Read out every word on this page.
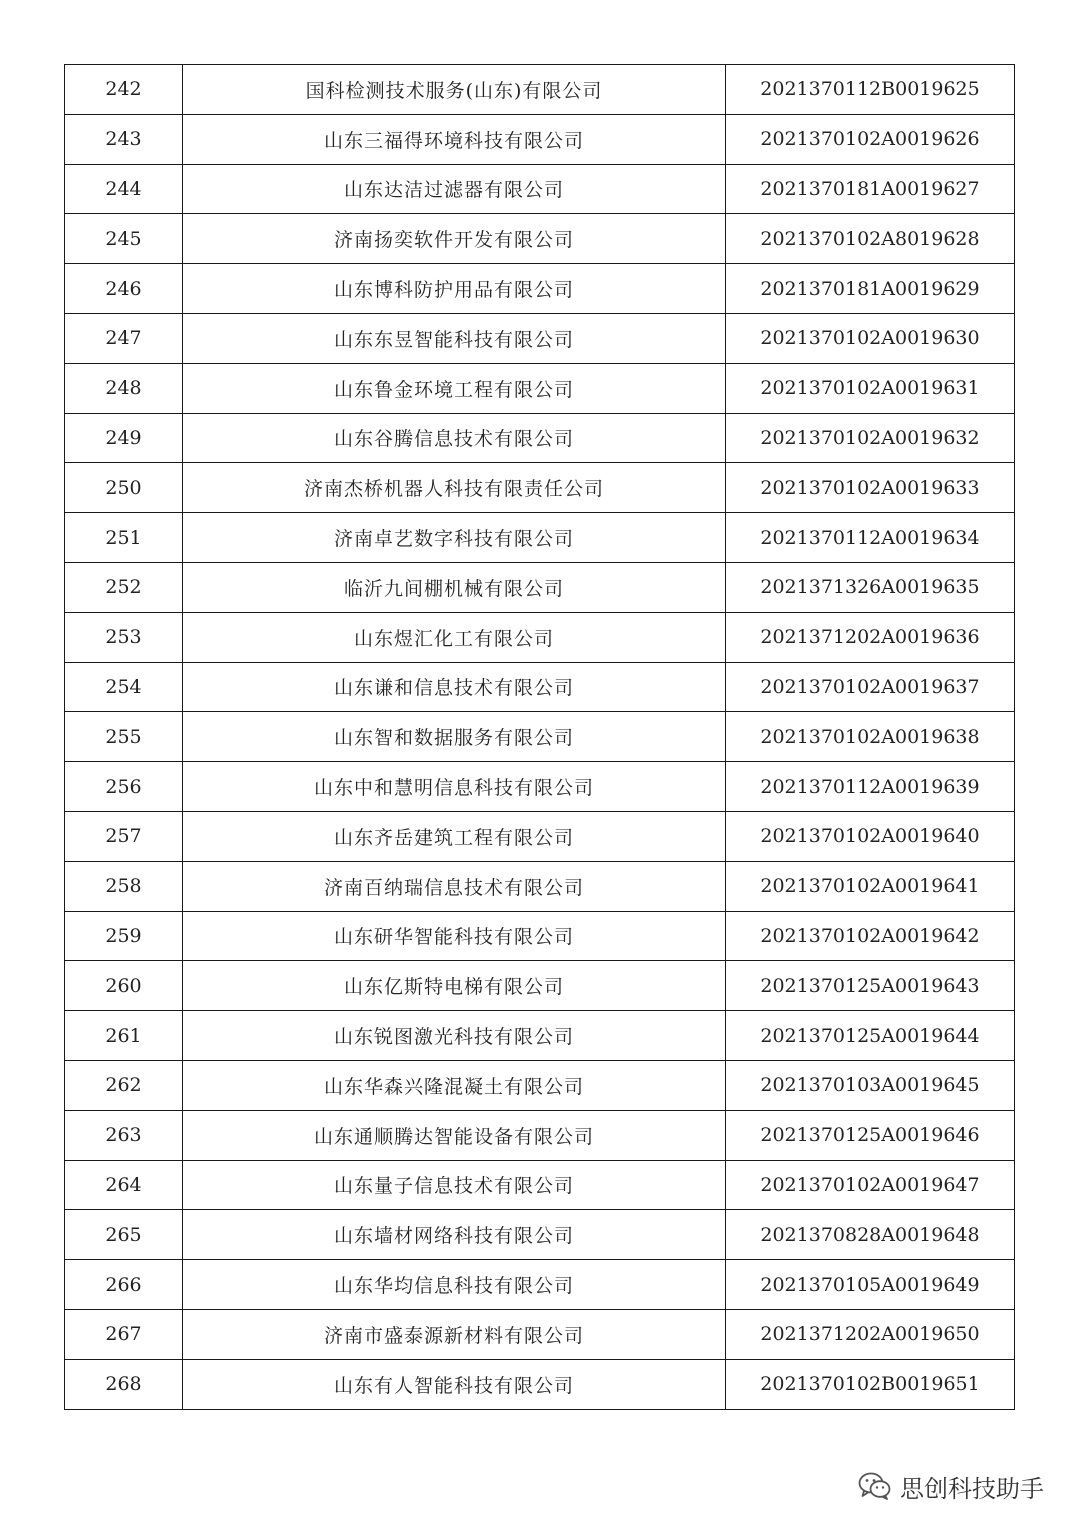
242	国科检测技术服务(山东)有限公司	2021370112B0019625
243	山东三福得环境科技有限公司	2021370102A0019626
244	山东达洁过滤器有限公司	2021370181A0019627
245	济南扬奕软件开发有限公司	2021370102A8019628
246	山东博科防护用品有限公司	2021370181A0019629
247	山东东昱智能科技有限公司	2021370102A0019630
248	山东鲁金环境工程有限公司	2021370102A0019631
249	山东谷腾信息技术有限公司	2021370102A0019632
250	济南杰桥机器人科技有限责任公司	2021370102A0019633
251	济南卓艺数字科技有限公司	2021370112A0019634
252	临沂九间棚机械有限公司	2021371326A0019635
253	山东煜汇化工有限公司	2021371202A0019636
254	山东谦和信息技术有限公司	2021370102A0019637
255	山东智和数据服务有限公司	2021370102A0019638
256	山东中和慧明信息科技有限公司	2021370112A0019639
257	山东齐岳建筑工程有限公司	2021370102A0019640
258	济南百纳瑞信息技术有限公司	2021370102A0019641
259	山东研华智能科技有限公司	2021370102A0019642
260	山东亿斯特电梯有限公司	2021370125A0019643
261	山东锐图激光科技有限公司	2021370125A0019644
262	山东华森兴隆混凝土有限公司	2021370103A0019645
263	山东通顺腾达智能设备有限公司	2021370125A0019646
264	山东量子信息技术有限公司	2021370102A0019647
265	山东墙材网络科技有限公司	2021370828A0019648
266	山东华均信息科技有限公司	2021370105A0019649
267	济南市盛泰源新材料有限公司	2021371202A0019650
268	山东有人智能科技有限公司	2021370102B0019651
思创科技助手
